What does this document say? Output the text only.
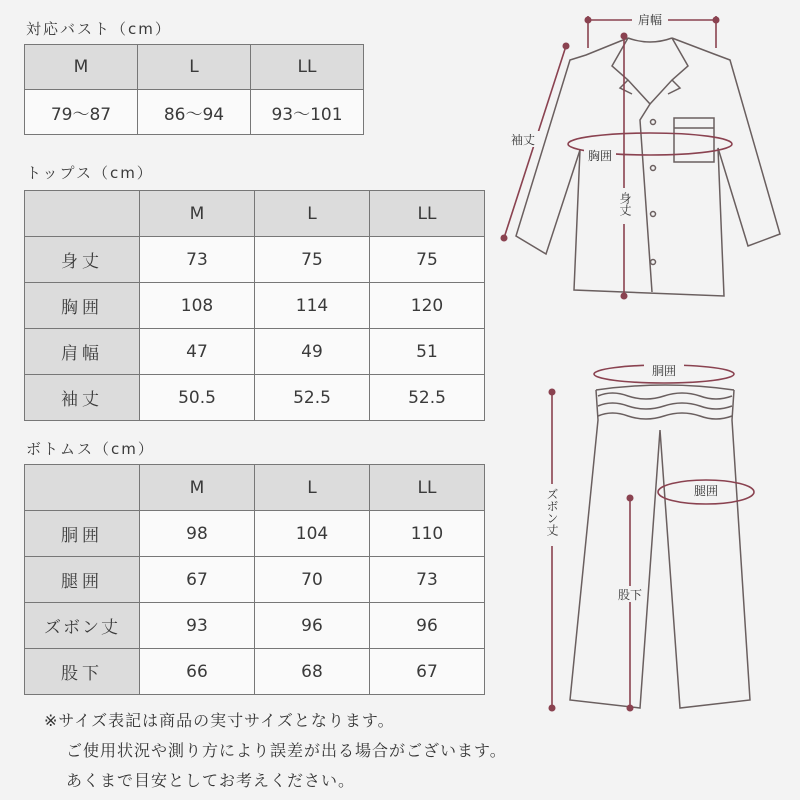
対応バスト（cm）
M	L	LL
79〜87	86〜94	93〜101
トップス（cm）
	M	L	LL
身丈	73	75	75
胸囲	108	114	120
肩幅	47	49	51
袖丈	50.5	52.5	52.5
ボトムス（cm）
	M	L	LL
胴囲	98	104	110
腿囲	67	70	73
ズボン丈	93	96	96
股下	66	68	67
※サイズ表記は商品の実寸サイズとなります。
ご使用状況や測り方により誤差が出る場合がございます。
あくまで目安としてお考えください。
肩幅
袖丈
胸囲
身丈
胴囲
腿囲
ズボン丈
股下
